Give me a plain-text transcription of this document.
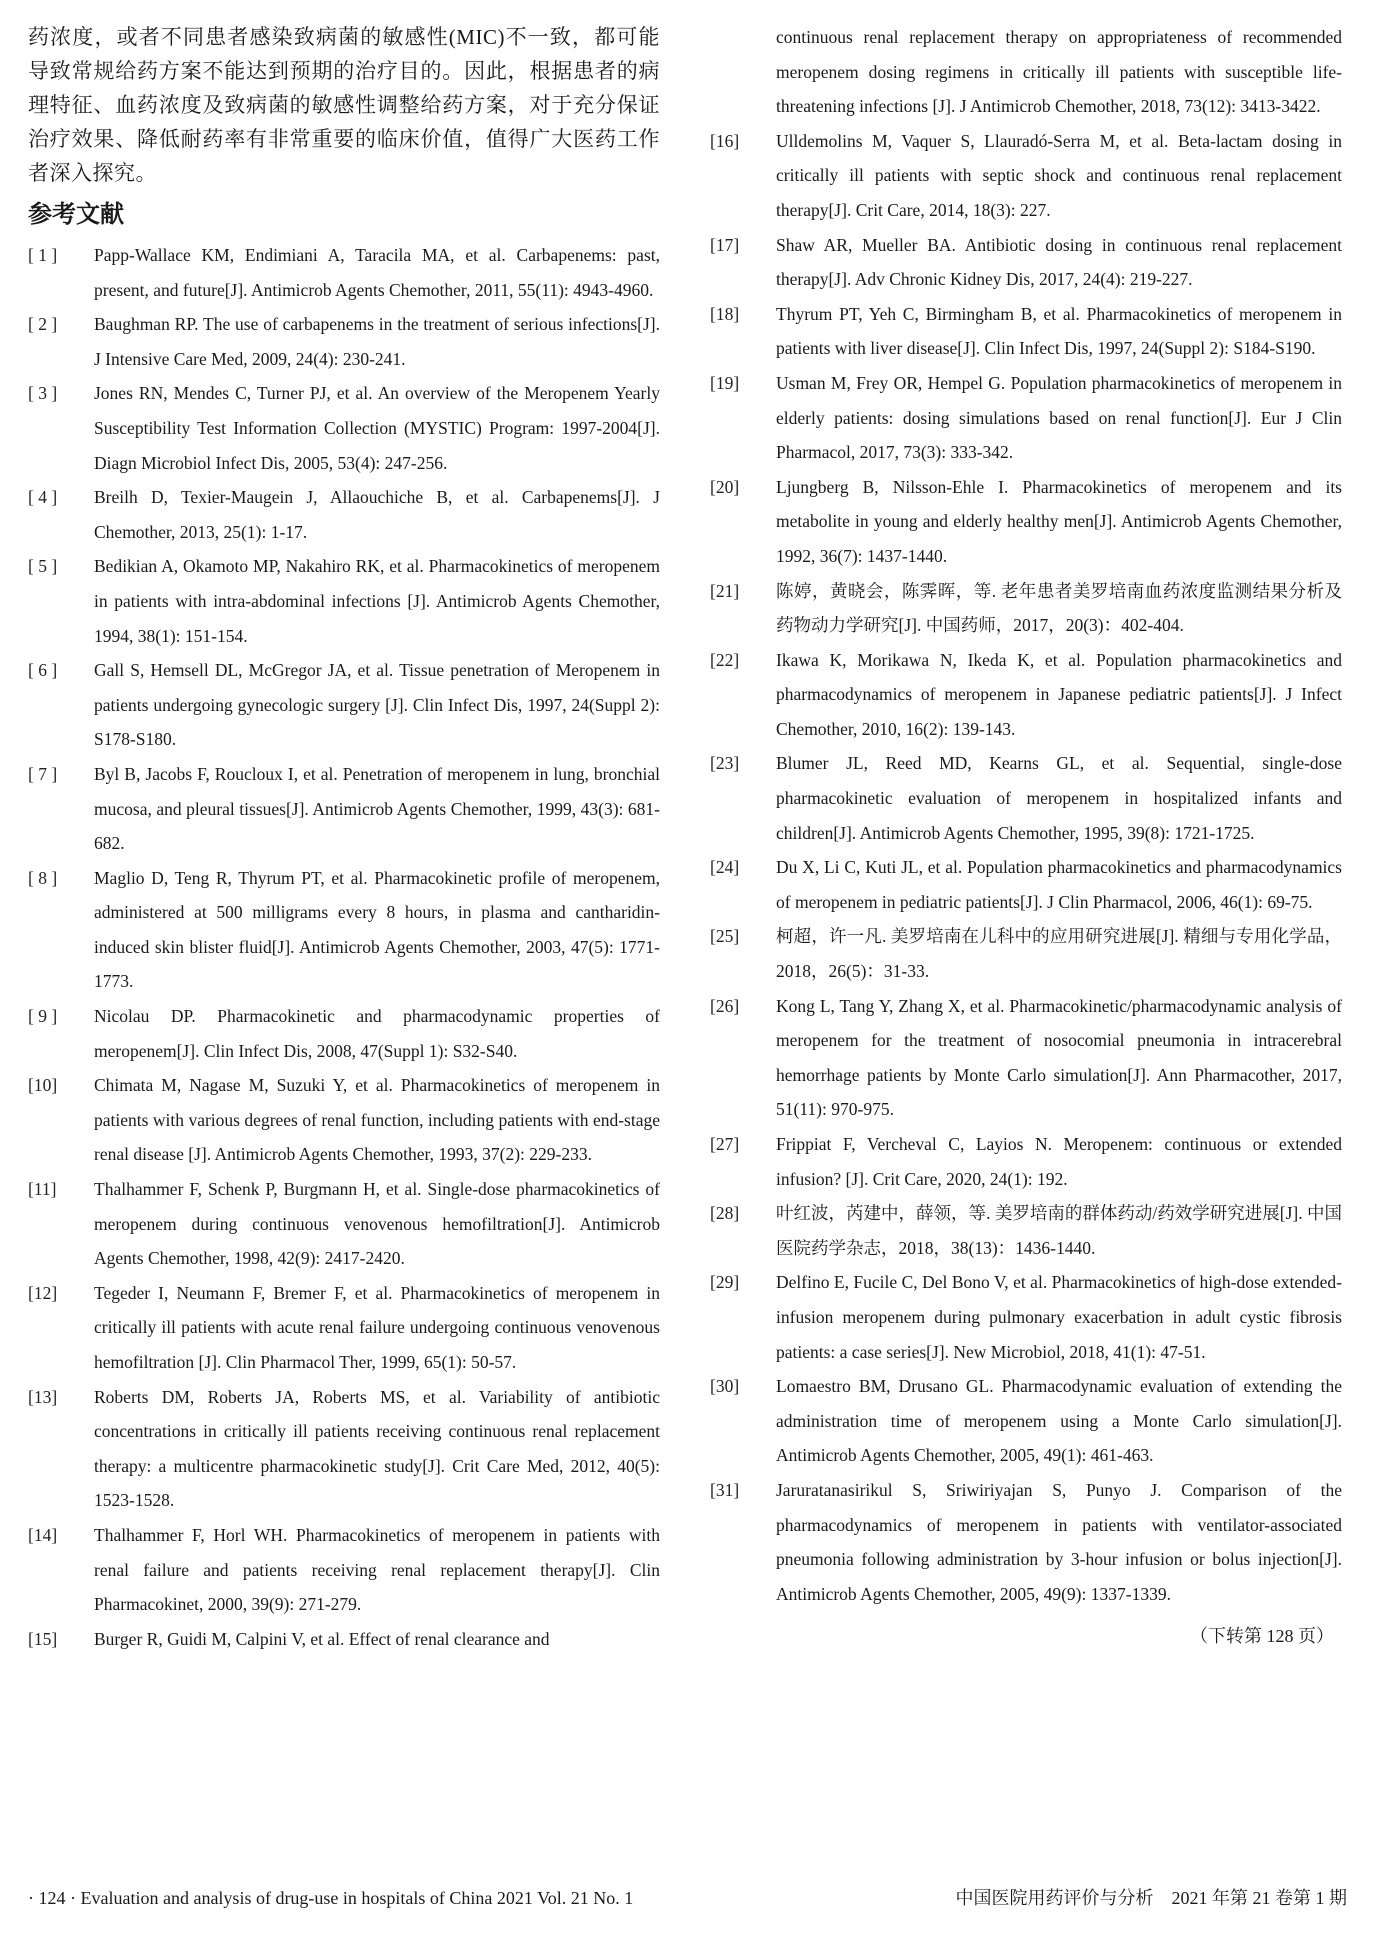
药浓度，或者不同患者感染致病菌的敏感性(MIC)不一致，都可能导致常规给药方案不能达到预期的治疗目的。因此，根据患者的病理特征、血药浓度及致病菌的敏感性调整给药方案，对于充分保证治疗效果、降低耐药率有非常重要的临床价值，值得广大医药工作者深入探究。

参考文献
[ 1 ]	Papp-Wallace KM, Endimiani A, Taracila MA, et al. Carbapenems: past, present, and future[J]. Antimicrob Agents Chemother, 2011, 55(11): 4943-4960.
[ 2 ]	Baughman RP. The use of carbapenems in the treatment of serious infections[J]. J Intensive Care Med, 2009, 24(4): 230-241.
[ 3 ]	Jones RN, Mendes C, Turner PJ, et al. An overview of the Meropenem Yearly Susceptibility Test Information Collection (MYSTIC) Program: 1997-2004[J]. Diagn Microbiol Infect Dis, 2005, 53(4): 247-256.
[ 4 ]	Breilh D, Texier-Maugein J, Allaouchiche B, et al. Carbapenems[J]. J Chemother, 2013, 25(1): 1-17.
[ 5 ]	Bedikian A, Okamoto MP, Nakahiro RK, et al. Pharmacokinetics of meropenem in patients with intra-abdominal infections [J]. Antimicrob Agents Chemother, 1994, 38(1): 151-154.
[ 6 ]	Gall S, Hemsell DL, McGregor JA, et al. Tissue penetration of Meropenem in patients undergoing gynecologic surgery [J]. Clin Infect Dis, 1997, 24(Suppl 2): S178-S180.
[ 7 ]	Byl B, Jacobs F, Roucloux I, et al. Penetration of meropenem in lung, bronchial mucosa, and pleural tissues[J]. Antimicrob Agents Chemother, 1999, 43(3): 681-682.
[ 8 ]	Maglio D, Teng R, Thyrum PT, et al. Pharmacokinetic profile of meropenem, administered at 500 milligrams every 8 hours, in plasma and cantharidin-induced skin blister fluid[J]. Antimicrob Agents Chemother, 2003, 47(5): 1771-1773.
[ 9 ]	Nicolau DP. Pharmacokinetic and pharmacodynamic properties of meropenem[J]. Clin Infect Dis, 2008, 47(Suppl 1): S32-S40.
[10]	Chimata M, Nagase M, Suzuki Y, et al. Pharmacokinetics of meropenem in patients with various degrees of renal function, including patients with end-stage renal disease [J]. Antimicrob Agents Chemother, 1993, 37(2): 229-233.
[11]	Thalhammer F, Schenk P, Burgmann H, et al. Single-dose pharmacokinetics of meropenem during continuous venovenous hemofiltration[J]. Antimicrob Agents Chemother, 1998, 42(9): 2417-2420.
[12]	Tegeder I, Neumann F, Bremer F, et al. Pharmacokinetics of meropenem in critically ill patients with acute renal failure undergoing continuous venovenous hemofiltration [J]. Clin Pharmacol Ther, 1999, 65(1): 50-57.
[13]	Roberts DM, Roberts JA, Roberts MS, et al. Variability of antibiotic concentrations in critically ill patients receiving continuous renal replacement therapy: a multicentre pharmacokinetic study[J]. Crit Care Med, 2012, 40(5): 1523-1528.
[14]	Thalhammer F, Horl WH. Pharmacokinetics of meropenem in patients with renal failure and patients receiving renal replacement therapy[J]. Clin Pharmacokinet, 2000, 39(9): 271-279.
[15]	Burger R, Guidi M, Calpini V, et al. Effect of renal clearance and
continuous renal replacement therapy on appropriateness of recommended meropenem dosing regimens in critically ill patients with susceptible life-threatening infections [J]. J Antimicrob Chemother, 2018, 73(12): 3413-3422.
[16]	Ulldemolins M, Vaquer S, Llauradó-Serra M, et al. Beta-lactam dosing in critically ill patients with septic shock and continuous renal replacement therapy[J]. Crit Care, 2014, 18(3): 227.
[17]	Shaw AR, Mueller BA. Antibiotic dosing in continuous renal replacement therapy[J]. Adv Chronic Kidney Dis, 2017, 24(4): 219-227.
[18]	Thyrum PT, Yeh C, Birmingham B, et al. Pharmacokinetics of meropenem in patients with liver disease[J]. Clin Infect Dis, 1997, 24(Suppl 2): S184-S190.
[19]	Usman M, Frey OR, Hempel G. Population pharmacokinetics of meropenem in elderly patients: dosing simulations based on renal function[J]. Eur J Clin Pharmacol, 2017, 73(3): 333-342.
[20]	Ljungberg B, Nilsson-Ehle I. Pharmacokinetics of meropenem and its metabolite in young and elderly healthy men[J]. Antimicrob Agents Chemother, 1992, 36(7): 1437-1440.
[21]	陈婷，黄晓会，陈霁晖，等. 老年患者美罗培南血药浓度监测结果分析及药物动力学研究[J]. 中国药师，2017，20(3)：402-404.
[22]	Ikawa K, Morikawa N, Ikeda K, et al. Population pharmacokinetics and pharmacodynamics of meropenem in Japanese pediatric patients[J]. J Infect Chemother, 2010, 16(2): 139-143.
[23]	Blumer JL, Reed MD, Kearns GL, et al. Sequential, single-dose pharmacokinetic evaluation of meropenem in hospitalized infants and children[J]. Antimicrob Agents Chemother, 1995, 39(8): 1721-1725.
[24]	Du X, Li C, Kuti JL, et al. Population pharmacokinetics and pharmacodynamics of meropenem in pediatric patients[J]. J Clin Pharmacol, 2006, 46(1): 69-75.
[25]	柯超，许一凡. 美罗培南在儿科中的应用研究进展[J]. 精细与专用化学品，2018，26(5)：31-33.
[26]	Kong L, Tang Y, Zhang X, et al. Pharmacokinetic/pharmacodynamic analysis of meropenem for the treatment of nosocomial pneumonia in intracerebral hemorrhage patients by Monte Carlo simulation[J]. Ann Pharmacother, 2017, 51(11): 970-975.
[27]	Frippiat F, Vercheval C, Layios N. Meropenem: continuous or extended infusion? [J]. Crit Care, 2020, 24(1): 192.
[28]	叶红波，芮建中，薛领，等. 美罗培南的群体药动/药效学研究进展[J]. 中国医院药学杂志，2018，38(13)：1436-1440.
[29]	Delfino E, Fucile C, Del Bono V, et al. Pharmacokinetics of high-dose extended-infusion meropenem during pulmonary exacerbation in adult cystic fibrosis patients: a case series[J]. New Microbiol, 2018, 41(1): 47-51.
[30]	Lomaestro BM, Drusano GL. Pharmacodynamic evaluation of extending the administration time of meropenem using a Monte Carlo simulation[J]. Antimicrob Agents Chemother, 2005, 49(1): 461-463.
[31]	Jaruratanasirikul S, Sriwiriyajan S, Punyo J. Comparison of the pharmacodynamics of meropenem in patients with ventilator-associated pneumonia following administration by 3-hour infusion or bolus injection[J]. Antimicrob Agents Chemother, 2005, 49(9): 1337-1339.
（下转第 128 页）
· 124 · Evaluation and analysis of drug-use in hospitals of China 2021 Vol. 21 No. 1	中国医院用药评价与分析　2021 年第 21 卷第 1 期
